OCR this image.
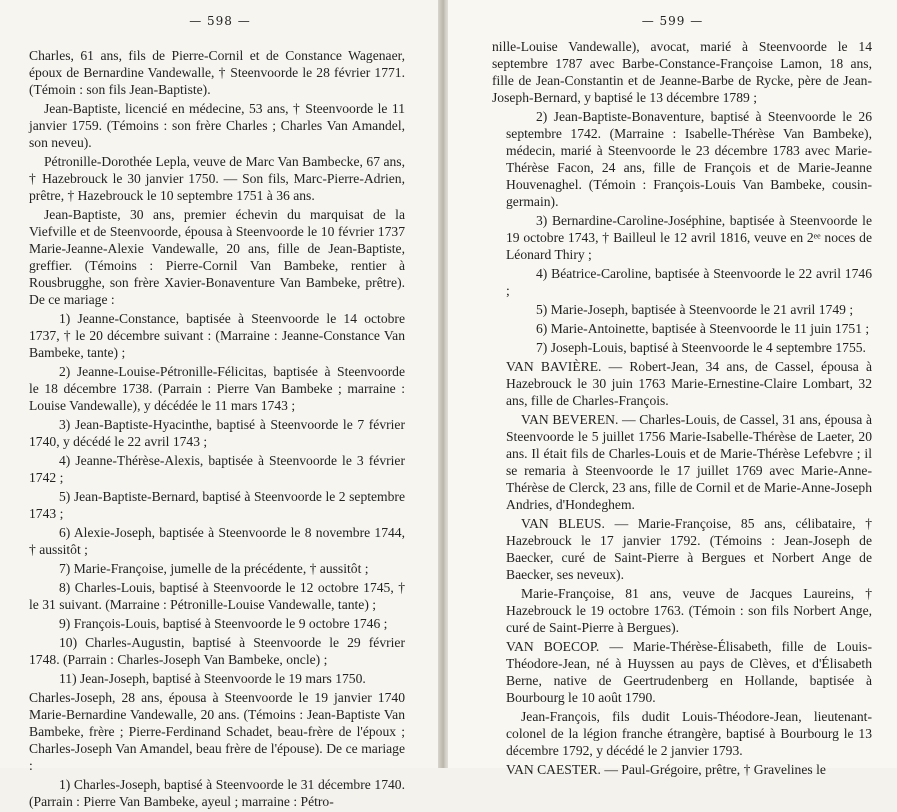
— 598 —

Charles, 61 ans, fils de Pierre-Cornil et de Constance Wagenaer, époux de Bernardine Vandewalle, † Steenvoorde le 28 février 1771. (Témoin : son fils Jean-Baptiste).

Jean-Baptiste, licencié en médecine, 53 ans, † Steenvoorde le 11 janvier 1759. (Témoins : son frère Charles ; Charles Van Amandel, son neveu).

Pétronille-Dorothée Lepla, veuve de Marc Van Bambecke, 67 ans, † Hazebrouck le 30 janvier 1750. — Son fils, Marc-Pierre-Adrien, prêtre, † Hazebrouck le 10 septembre 1751 à 36 ans.

Jean-Baptiste, 30 ans, premier échevin du marquisat de la Viefville et de Steenvoorde, épousa à Steenvoorde le 10 février 1737 Marie-Jeanne-Alexie Vandewalle, 20 ans, fille de Jean-Baptiste, greffier. (Témoins : Pierre-Cornil Van Bambeke, rentier à Rousbrugghe, son frère Xavier-Bonaventure Van Bambeke, prêtre). De ce mariage :

1) Jeanne-Constance, baptisée à Steenvoorde le 14 octobre 1737, † le 20 décembre suivant : (Marraine : Jeanne-Constance Van Bambeke, tante) ;

2) Jeanne-Louise-Pétronille-Félicitas, baptisée à Steenvoorde le 18 décembre 1738. (Parrain : Pierre Van Bambeke ; marraine : Louise Vandewalle), y décédée le 11 mars 1743 ;

3) Jean-Baptiste-Hyacinthe, baptisé à Steenvoorde le 7 février 1740, y décédé le 22 avril 1743 ;

4) Jeanne-Thérèse-Alexis, baptisée à Steenvoorde le 3 février 1742 ;

5) Jean-Baptiste-Bernard, baptisé à Steenvoorde le 2 septembre 1743 ;

6) Alexie-Joseph, baptisée à Steenvoorde le 8 novembre 1744, † aussitôt ;

7) Marie-Françoise, jumelle de la précédente, † aussitôt ;

8) Charles-Louis, baptisé à Steenvoorde le 12 octobre 1745, † le 31 suivant. (Marraine : Pétronille-Louise Vandewalle, tante) ;

9) François-Louis, baptisé à Steenvoorde le 9 octobre 1746 ;

10) Charles-Augustin, baptisé à Steenvoorde le 29 février 1748. (Parrain : Charles-Joseph Van Bambeke, oncle) ;

11) Jean-Joseph, baptisé à Steenvoorde le 19 mars 1750.

Charles-Joseph, 28 ans, épousa à Steenvoorde le 19 janvier 1740 Marie-Bernardine Vandewalle, 20 ans. (Témoins : Jean-Baptiste Van Bambeke, frère ; Pierre-Ferdinand Schadet, beau-frère de l'époux ; Charles-Joseph Van Amandel, beau frère de l'épouse). De ce mariage :

1) Charles-Joseph, baptisé à Steenvoorde le 31 décembre 1740. (Parrain : Pierre Van Bambeke, ayeul ; marraine : Pétro-

— 599 —

nille-Louise Vandewalle), avocat, marié à Steenvoorde le 14 septembre 1787 avec Barbe-Constance-Françoise Lamon, 18 ans, fille de Jean-Constantin et de Jeanne-Barbe de Rycke, père de Jean-Joseph-Bernard, y baptisé le 13 décembre 1789 ;

2) Jean-Baptiste-Bonaventure, baptisé à Steenvoorde le 26 septembre 1742. (Marraine : Isabelle-Thérèse Van Bambeke), médecin, marié à Steenvoorde le 23 décembre 1783 avec Marie-Thérèse Facon, 24 ans, fille de François et de Marie-Jeanne Houvenaghel. (Témoin : François-Louis Van Bambeke, cousin-germain).

3) Bernardine-Caroline-Joséphine, baptisée à Steenvoorde le 19 octobre 1743, † Bailleul le 12 avril 1816, veuve en 2ᵉᵉ noces de Léonard Thiry ;

4) Béatrice-Caroline, baptisée à Steenvoorde le 22 avril 1746 ;

5) Marie-Joseph, baptisée à Steenvoorde le 21 avril 1749 ;

6) Marie-Antoinette, baptisée à Steenvoorde le 11 juin 1751 ;

7) Joseph-Louis, baptisé à Steenvoorde le 4 septembre 1755.

VAN BAVIÈRE. — Robert-Jean, 34 ans, de Cassel, épousa à Hazebrouck le 30 juin 1763 Marie-Ernestine-Claire Lombart, 32 ans, fille de Charles-François.

VAN BEVEREN. — Charles-Louis, de Cassel, 31 ans, épousa à Steenvoorde le 5 juillet 1756 Marie-Isabelle-Thérèse de Laeter, 20 ans. Il était fils de Charles-Louis et de Marie-Thérèse Lefebvre ; il se remaria à Steenvoorde le 17 juillet 1769 avec Marie-Anne-Thérèse de Clerck, 23 ans, fille de Cornil et de Marie-Anne-Joseph Andries, d'Hondeghem.

VAN BLEUS. — Marie-Françoise, 85 ans, célibataire, † Hazebrouck le 17 janvier 1792. (Témoins : Jean-Joseph de Baecker, curé de Saint-Pierre à Bergues et Norbert Ange de Baecker, ses neveux).

Marie-Françoise, 81 ans, veuve de Jacques Laureins, † Hazebrouck le 19 octobre 1763. (Témoin : son fils Norbert Ange, curé de Saint-Pierre à Bergues).

VAN BOECOP. — Marie-Thérèse-Élisabeth, fille de Louis-Théodore-Jean, né à Huyssen au pays de Clèves, et d'Élisabeth Berne, native de Geertrudenberg en Hollande, baptisée à Bourbourg le 10 août 1790.

Jean-François, fils dudit Louis-Théodore-Jean, lieutenant-colonel de la légion franche étrangère, baptisé à Bourbourg le 13 décembre 1792, y décédé le 2 janvier 1793.

VAN CAESTER. — Paul-Grégoire, prêtre, † Gravelines le
